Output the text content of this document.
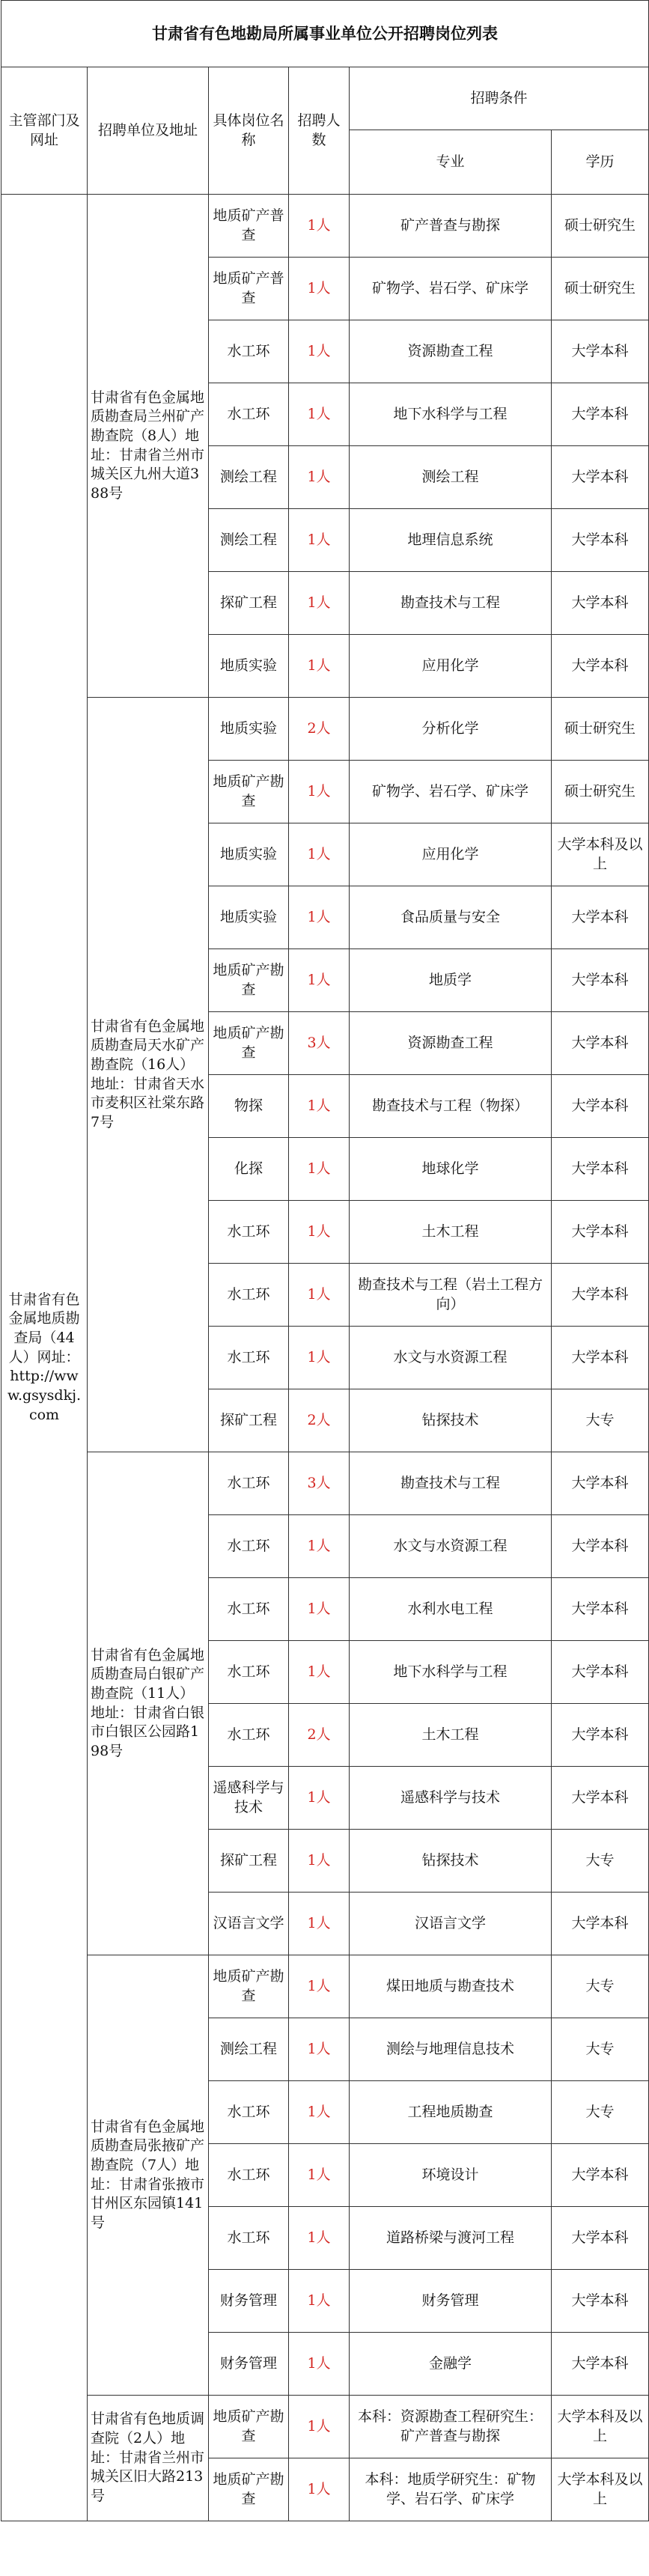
甘肃省有色地勘局所属事业单位公开招聘岗位列表					
主管部门及网址	招聘单位及地址	具体岗位名称	招聘人数	招聘条件	
				专业	学历
甘肃省有色金属地质勘查局（44人）网址：http://www.gsysdkj.com	甘肃省有色金属地质勘查局兰州矿产勘查院（8人）地址：甘肃省兰州市城关区九州大道388号	地质矿产普查	1人	矿产普查与勘探	硕士研究生
		地质矿产普查	1人	矿物学、岩石学、矿床学	硕士研究生
		水工环	1人	资源勘查工程	大学本科
		水工环	1人	地下水科学与工程	大学本科
		测绘工程	1人	测绘工程	大学本科
		测绘工程	1人	地理信息系统	大学本科
		探矿工程	1人	勘查技术与工程	大学本科
		地质实验	1人	应用化学	大学本科
	甘肃省有色金属地质勘查局天水矿产勘查院（16人）地址：甘肃省天水市麦积区社棠东路7号	地质实验	2人	分析化学	硕士研究生
		地质矿产勘查	1人	矿物学、岩石学、矿床学	硕士研究生
		地质实验	1人	应用化学	大学本科及以上
		地质实验	1人	食品质量与安全	大学本科
		地质矿产勘查	1人	地质学	大学本科
		地质矿产勘查	3人	资源勘查工程	大学本科
		物探	1人	勘查技术与工程（物探）	大学本科
		化探	1人	地球化学	大学本科
		水工环	1人	土木工程	大学本科
		水工环	1人	勘查技术与工程（岩土工程方向）	大学本科
		水工环	1人	水文与水资源工程	大学本科
		探矿工程	2人	钻探技术	大专
	甘肃省有色金属地质勘查局白银矿产勘查院（11人）地址：甘肃省白银市白银区公园路198号	水工环	3人	勘查技术与工程	大学本科
		水工环	1人	水文与水资源工程	大学本科
		水工环	1人	水利水电工程	大学本科
		水工环	1人	地下水科学与工程	大学本科
		水工环	2人	土木工程	大学本科
		遥感科学与技术	1人	遥感科学与技术	大学本科
		探矿工程	1人	钻探技术	大专
		汉语言文学	1人	汉语言文学	大学本科
	甘肃省有色金属地质勘查局张掖矿产勘查院（7人）地址：甘肃省张掖市甘州区东园镇141号	地质矿产勘查	1人	煤田地质与勘查技术	大专
		测绘工程	1人	测绘与地理信息技术	大专
		水工环	1人	工程地质勘查	大专
		水工环	1人	环境设计	大学本科
		水工环	1人	道路桥梁与渡河工程	大学本科
		财务管理	1人	财务管理	大学本科
		财务管理	1人	金融学	大学本科
	甘肃省有色地质调查院（2人）地址：甘肃省兰州市城关区旧大路213号	地质矿产勘查	1人	本科：资源勘查工程研究生：矿产普查与勘探	大学本科及以上
		地质矿产勘查	1人	本科：地质学研究生：矿物学、岩石学、矿床学	大学本科及以上
